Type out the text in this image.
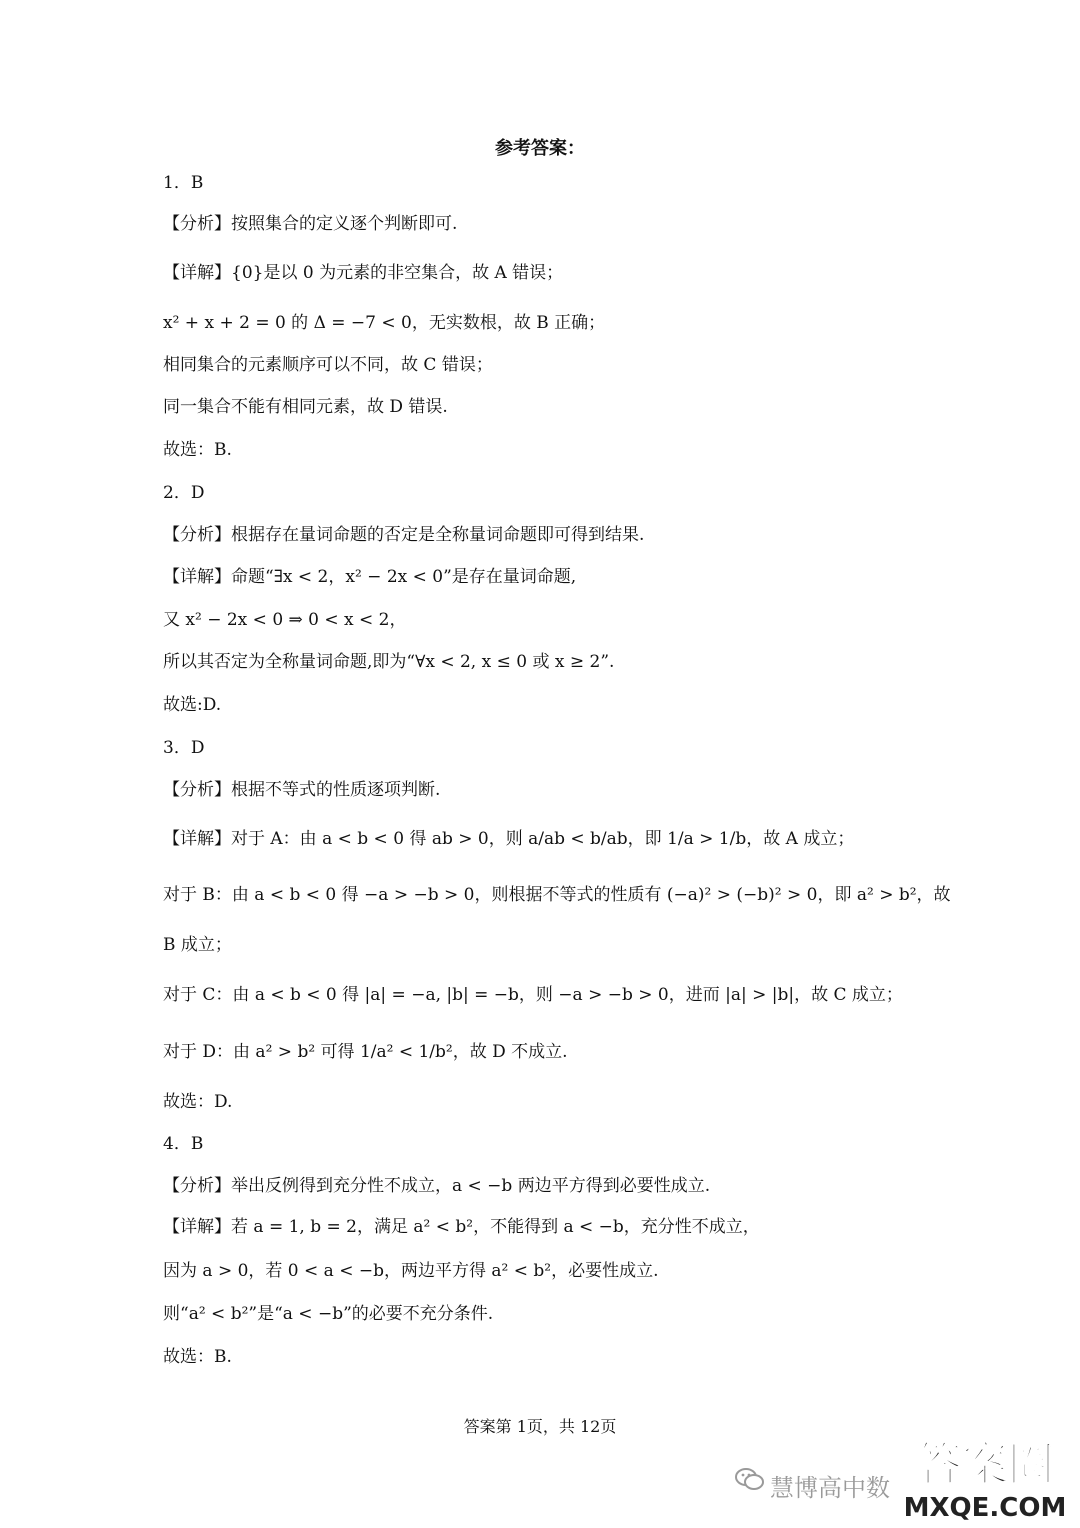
参考答案：
1．B
【分析】按照集合的定义逐个判断即可.
【详解】{0}是以 0 为元素的非空集合，故 A 错误；
x² + x + 2 = 0 的 Δ = −7 < 0，无实数根，故 B 正确；
相同集合的元素顺序可以不同，故 C 错误；
同一集合不能有相同元素，故 D 错误.
故选：B.
2．D
【分析】根据存在量词命题的否定是全称量词命题即可得到结果.
【详解】命题“∃x < 2，x² − 2x < 0”是存在量词命题,
又 x² − 2x < 0 ⇒ 0 < x < 2，
所以其否定为全称量词命题,即为“∀x < 2, x ≤ 0 或 x ≥ 2”.
故选:D.
3．D
【分析】根据不等式的性质逐项判断.
【详解】对于 A：由 a < b < 0 得 ab > 0，则 a/ab < b/ab，即 1/a > 1/b，故 A 成立；
对于 B：由 a < b < 0 得 −a > −b > 0，则根据不等式的性质有 (−a)² > (−b)² > 0，即 a² > b²，故
B 成立；
对于 C：由 a < b < 0 得 |a| = −a, |b| = −b，则 −a > −b > 0，进而 |a| > |b|，故 C 成立；
对于 D：由 a² > b² 可得 1/a² < 1/b²，故 D 不成立.
故选：D.
4．B
【分析】举出反例得到充分性不成立，a < −b 两边平方得到必要性成立.
【详解】若 a = 1, b = 2，满足 a² < b²，不能得到 a < −b，充分性不成立，
因为 a > 0，若 0 < a < −b，两边平方得 a² < b²，必要性成立.
则“a² < b²”是“a < −b”的必要不充分条件.
故选：B.
答案第 1页，共 12页
慧博高中数 答案圈
MXQE.COM
